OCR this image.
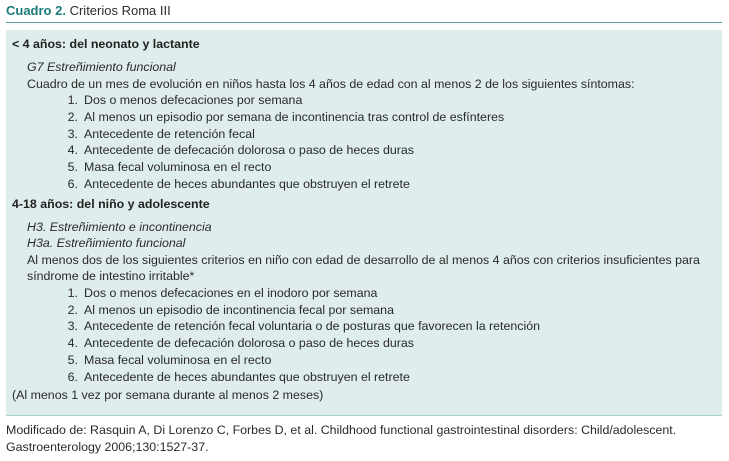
Cuadro 2. Criterios Roma III
< 4 años: del neonato y lactante
G7 Estreñimiento funcional
Cuadro de un mes de evolución en niños hasta los 4 años de edad con al menos 2 de los siguientes síntomas:
1. Dos o menos defecaciones por semana
2. Al menos un episodio por semana de incontinencia tras control de esfínteres
3. Antecedente de retención fecal
4. Antecedente de defecación dolorosa o paso de heces duras
5. Masa fecal voluminosa en el recto
6. Antecedente de heces abundantes que obstruyen el retrete
4-18 años: del niño y adolescente
H3. Estreñimiento e incontinencia
H3a. Estreñimiento funcional
Al menos dos de los siguientes criterios en niño con edad de desarrollo de al menos 4 años con criterios insuficientes para síndrome de intestino irritable*
1. Dos o menos defecaciones en el inodoro por semana
2. Al menos un episodio de incontinencia fecal por semana
3. Antecedente de retención fecal voluntaria o de posturas que favorecen la retención
4. Antecedente de defecación dolorosa o paso de heces duras
5. Masa fecal voluminosa en el recto
6. Antecedente de heces abundantes que obstruyen el retrete
(Al menos 1 vez por semana durante al menos 2 meses)
Modificado de: Rasquin A, Di Lorenzo C, Forbes D, et al. Childhood functional gastrointestinal disorders: Child/adolescent. Gastroenterology 2006;130:1527-37.
